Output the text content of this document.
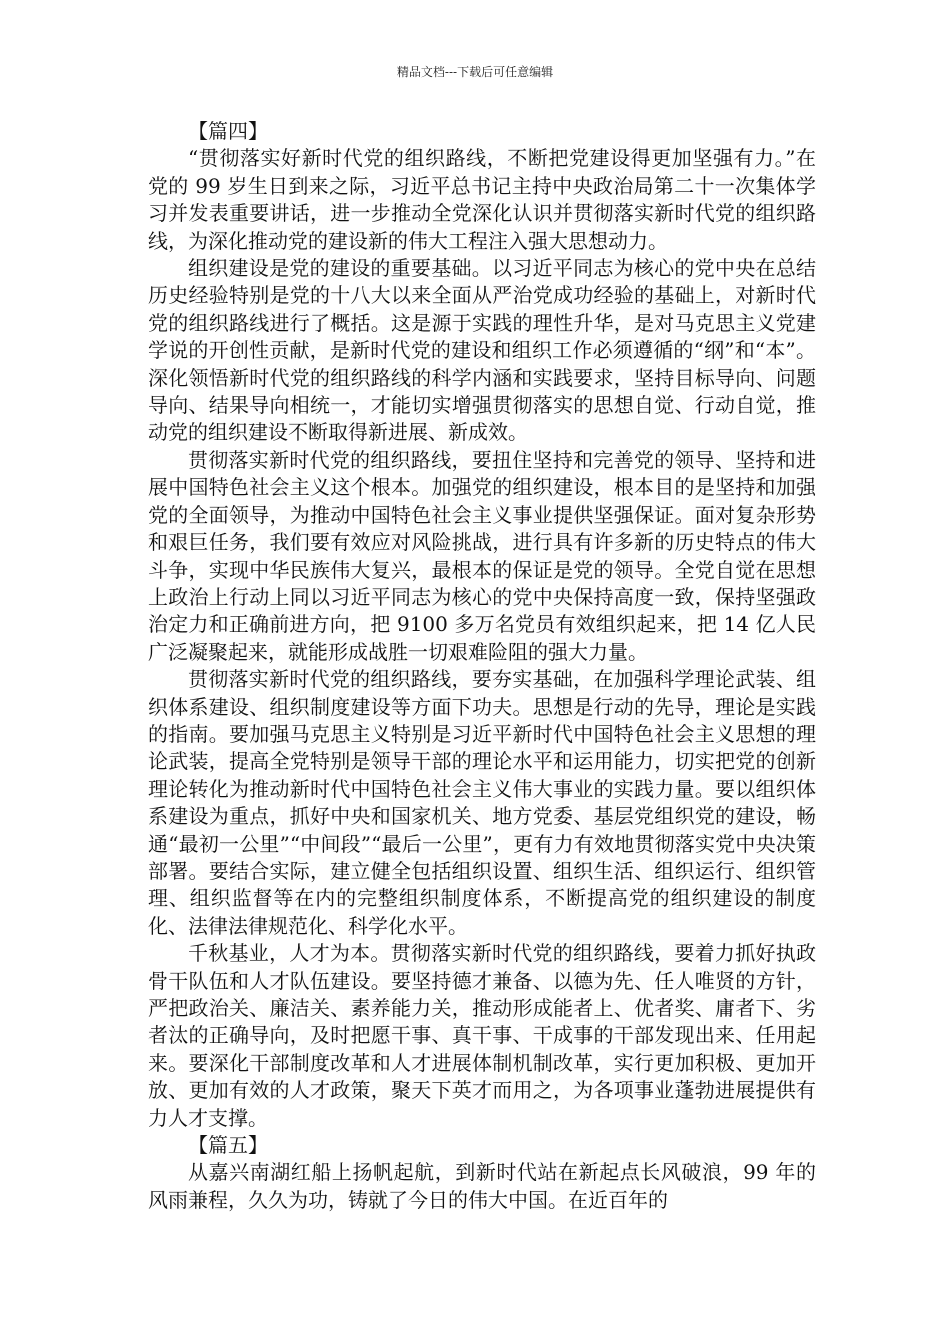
精品文档---下载后可任意编辑
【篇四】

“贯彻落实好新时代党的组织路线，不断把党建设得更加坚强有力。”在党的 99 岁生日到来之际，习近平总书记主持中央政治局第二十一次集体学习并发表重要讲话，进一步推动全党深化认识并贯彻落实新时代党的组织路线，为深化推动党的建设新的伟大工程注入强大思想动力。

组织建设是党的建设的重要基础。以习近平同志为核心的党中央在总结历史经验特别是党的十八大以来全面从严治党成功经验的基础上，对新时代党的组织路线进行了概括。这是源于实践的理性升华，是对马克思主义党建学说的开创性贡献，是新时代党的建设和组织工作必须遵循的“纲”和“本”。深化领悟新时代党的组织路线的科学内涵和实践要求，坚持目标导向、问题导向、结果导向相统一，才能切实增强贯彻落实的思想自觉、行动自觉，推动党的组织建设不断取得新进展、新成效。

贯彻落实新时代党的组织路线，要扭住坚持和完善党的领导、坚持和进展中国特色社会主义这个根本。加强党的组织建设，根本目的是坚持和加强党的全面领导，为推动中国特色社会主义事业提供坚强保证。面对复杂形势和艰巨任务，我们要有效应对风险挑战，进行具有许多新的历史特点的伟大斗争，实现中华民族伟大复兴，最根本的保证是党的领导。全党自觉在思想上政治上行动上同以习近平同志为核心的党中央保持高度一致，保持坚强政治定力和正确前进方向，把 9100 多万名党员有效组织起来，把 14 亿人民广泛凝聚起来，就能形成战胜一切艰难险阻的强大力量。

贯彻落实新时代党的组织路线，要夯实基础，在加强科学理论武装、组织体系建设、组织制度建设等方面下功夫。思想是行动的先导，理论是实践的指南。要加强马克思主义特别是习近平新时代中国特色社会主义思想的理论武装，提高全党特别是领导干部的理论水平和运用能力，切实把党的创新理论转化为推动新时代中国特色社会主义伟大事业的实践力量。要以组织体系建设为重点，抓好中央和国家机关、地方党委、基层党组织党的建设，畅通“最初一公里”“中间段”“最后一公里”，更有力有效地贯彻落实党中央决策部署。要结合实际，建立健全包括组织设置、组织生活、组织运行、组织管理、组织监督等在内的完整组织制度体系，不断提高党的组织建设的制度化、法律法律规范化、科学化水平。

千秋基业，人才为本。贯彻落实新时代党的组织路线，要着力抓好执政骨干队伍和人才队伍建设。要坚持德才兼备、以德为先、任人唯贤的方针，严把政治关、廉洁关、素养能力关，推动形成能者上、优者奖、庸者下、劣者汰的正确导向，及时把愿干事、真干事、干成事的干部发现出来、任用起来。要深化干部制度改革和人才进展体制机制改革，实行更加积极、更加开放、更加有效的人才政策，聚天下英才而用之，为各项事业蓬勃进展提供有力人才支撑。

【篇五】

从嘉兴南湖红船上扬帆起航，到新时代站在新起点长风破浪，99 年的风雨兼程，久久为功，铸就了今日的伟大中国。在近百年的
